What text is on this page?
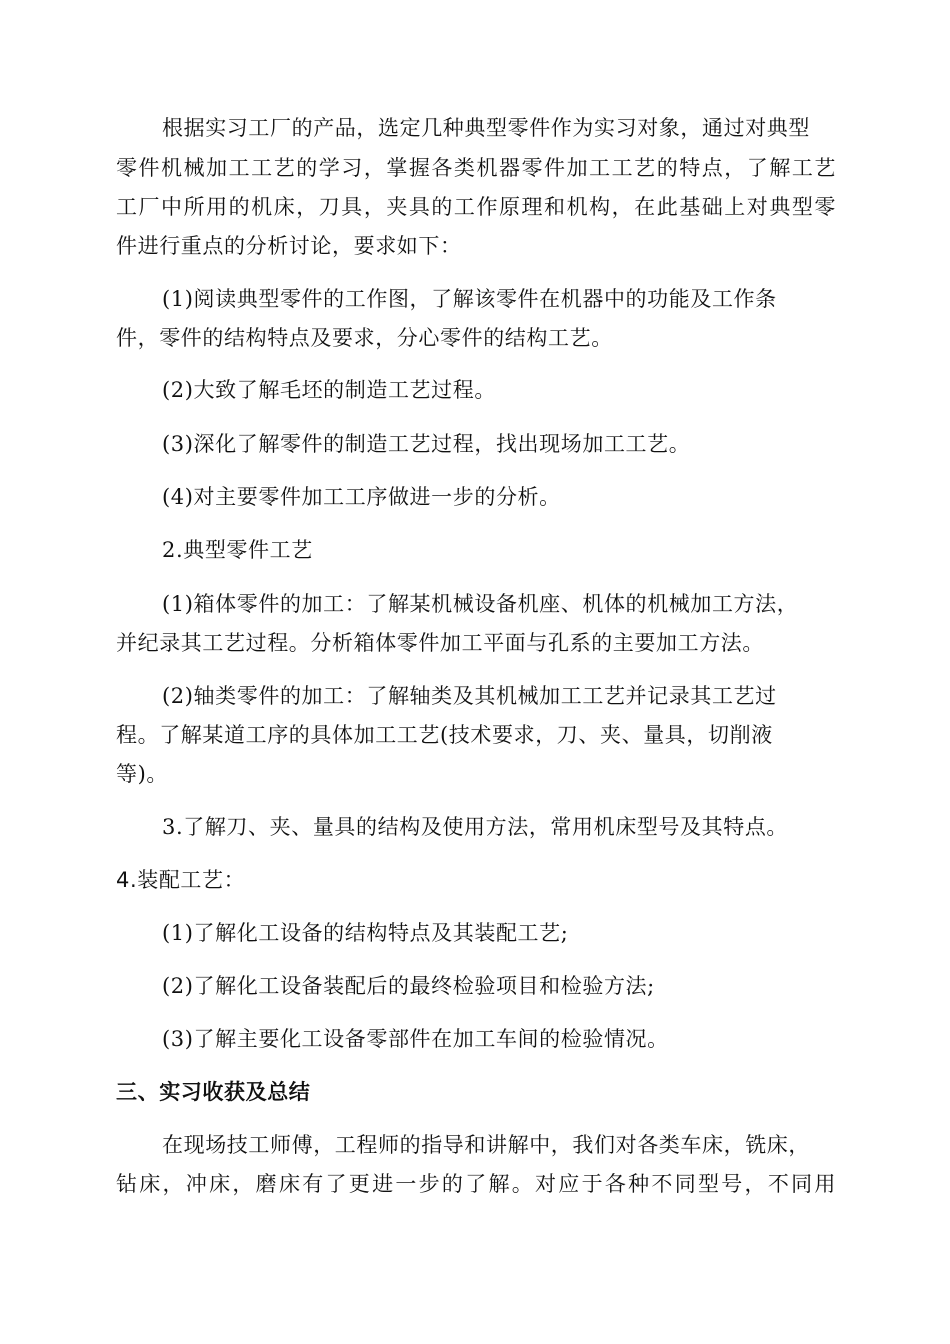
根据实习工厂的产品，选定几种典型零件作为实习对象，通过对典型
零件机械加工工艺的学习，掌握各类机器零件加工工艺的特点，了解工艺
工厂中所用的机床，刀具，夹具的工作原理和机构，在此基础上对典型零
件进行重点的分析讨论，要求如下：
(1)阅读典型零件的工作图，了解该零件在机器中的功能及工作条
件，零件的结构特点及要求，分心零件的结构工艺。
(2)大致了解毛坯的制造工艺过程。
(3)深化了解零件的制造工艺过程，找出现场加工工艺。
(4)对主要零件加工工序做进一步的分析。
2.典型零件工艺
(1)箱体零件的加工：了解某机械设备机座、机体的机械加工方法，
并纪录其工艺过程。分析箱体零件加工平面与孔系的主要加工方法。
(2)轴类零件的加工：了解轴类及其机械加工工艺并记录其工艺过
程。了解某道工序的具体加工工艺(技术要求，刀、夹、量具，切削液
等)。
3.了解刀、夹、量具的结构及使用方法，常用机床型号及其特点。
4.装配工艺：
(1)了解化工设备的结构特点及其装配工艺;
(2)了解化工设备装配后的最终检验项目和检验方法;
(3)了解主要化工设备零部件在加工车间的检验情况。
三、实习收获及总结
在现场技工师傅，工程师的指导和讲解中，我们对各类车床，铣床，
钻床，冲床，磨床有了更进一步的了解。对应于各种不同型号，不同用
